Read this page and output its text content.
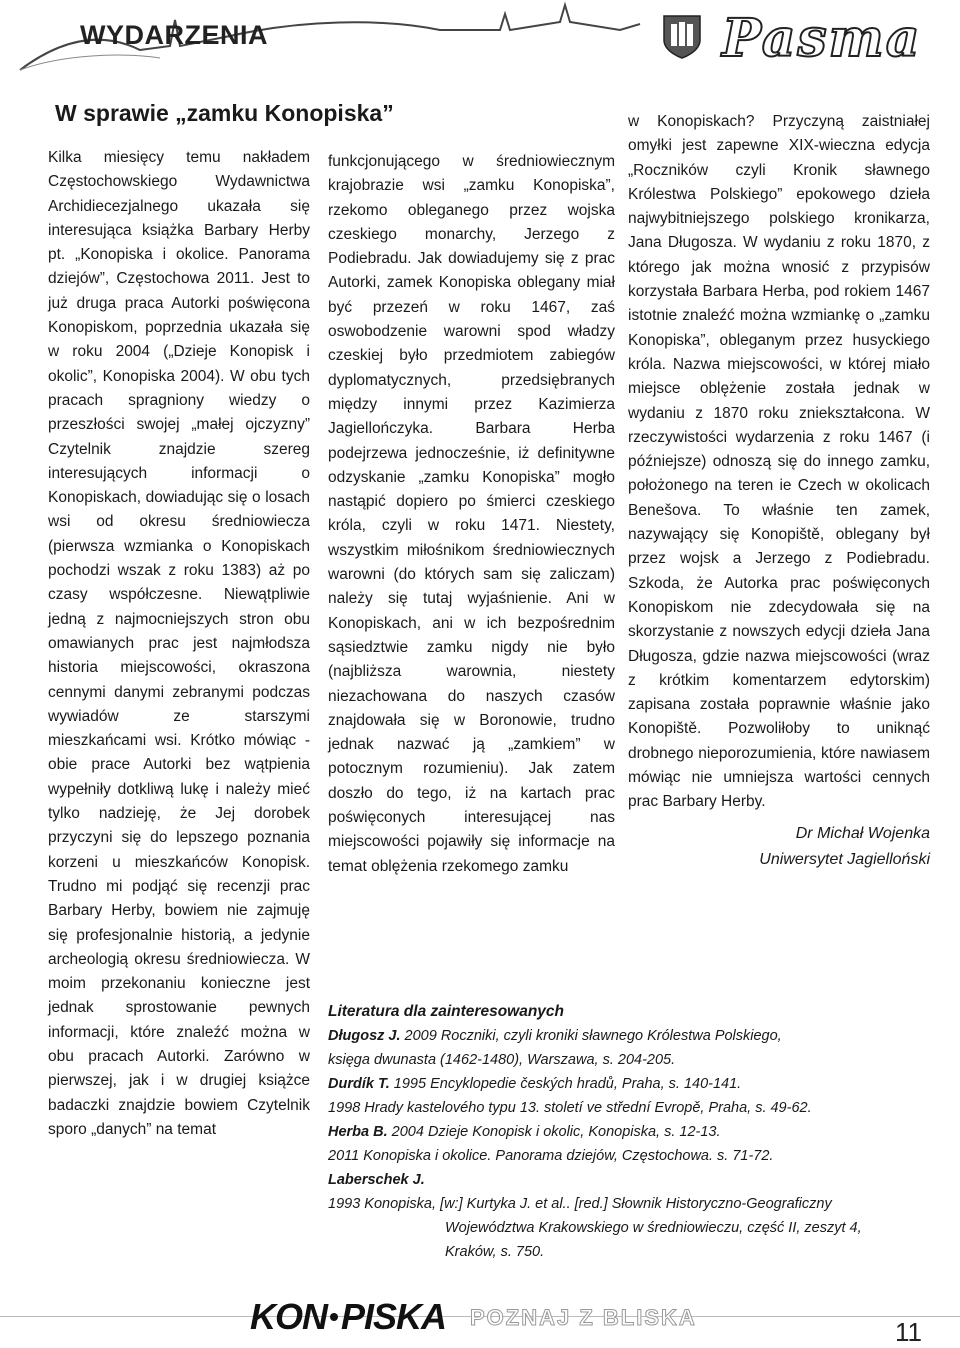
WYDARZENIA	Pasma
W sprawie „zamku Konopiska”

Kilka miesięcy temu nakładem Częstochowskiego Wydawnictwa Archidiecezjalnego ukazała się interesująca książka Barbary Herby pt. „Konopiska i okolice. Panorama dziejów”, Częstochowa 2011. Jest to już druga praca Autorki poświęcona Konopiskom, poprzednia ukazała się w roku 2004 („Dzieje Konopisk i okolic”, Konopiska 2004). W obu tych pracach spragniony wiedzy o przeszłości swojej „małej ojczyzny” Czytelnik znajdzie szereg interesujących informacji o Konopiskach, dowiadując się o losach wsi od okresu średniowiecza (pierwsza wzmianka o Konopiskach pochodzi wszak z roku 1383) aż po czasy współczesne. Niewątpliwie jedną z najmocniejszych stron obu omawianych prac jest najmłodsza historia miejscowości, okraszona cennymi danymi zebranymi podczas wywiadów ze starszymi mieszkańcami wsi. Krótko mówiąc - obie prace Autorki bez wątpienia wypełniły dotkliwą lukę i należy mieć tylko nadzieję, że Jej dorobek przyczyni się do lepszego poznania korzeni u mieszkańców Konopisk. Trudno mi podjąć się recenzji prac Barbary Herby, bowiem nie zajmuję się profesjonalnie historią, a jedynie archeologią okresu średniowiecza. W moim przekonaniu konieczne jest jednak sprostowanie pewnych informacji, które znaleźć można w obu pracach Autorki. Zarówno w pierwszej, jak i w drugiej książce badaczki znajdzie bowiem Czytelnik sporo „danych” na temat

funkcjonującego w średniowiecznym krajobrazie wsi „zamku Konopiska”, rzekomo obleganego przez wojska czeskiego monarchy, Jerzego z Podiebradu. Jak dowiadujemy się z prac Autorki, zamek Konopiska oblegany miał być przezeń w roku 1467, zaś oswobodzenie warowni spod władzy czeskiej było przedmiotem zabiegów dyplomatycznych, przedsiębranych między innymi przez Kazimierza Jagiellończyka. Barbara Herba podejrzewa jednocześnie, iż definitywne odzyskanie „zamku Konopiska” mogło nastąpić dopiero po śmierci czeskiego króla, czyli w roku 1471. Niestety, wszystkim miłośnikom średniowiecznych warowni (do których sam się zaliczam) należy się tutaj wyjaśnienie. Ani w Konopiskach, ani w ich bezpośrednim sąsiedztwie zamku nigdy nie było (najbliższa warownia, niestety niezachowana do naszych czasów znajdowała się w Boronowie, trudno jednak nazwać ją „zamkiem” w potocznym rozumieniu). Jak zatem doszło do tego, iż na kartach prac poświęconych interesującej nas miejscowości pojawiły się informacje na temat oblężenia rzekomego zamku

w Konopiskach? Przyczyną zaistniałej omyłki jest zapewne XIX-wieczna edycja „Roczników czyli Kronik sławnego Królestwa Polskiego” epokowego dzieła najwybitniejszego polskiego kronikarza, Jana Długosza. W wydaniu z roku 1870, z którego jak można wnosić z przypisów korzystała Barbara Herba, pod rokiem 1467 istotnie znaleźć można wzmiankę o „zamku Konopiska”, obleganym przez husyckiego króla. Nazwa miejscowości, w której miało miejsce oblężenie została jednak w wydaniu z 1870 roku zniekształcona. W rzeczywistości wydarzenia z roku 1467 (i późniejsze) odnoszą się do innego zamku, położonego na teren ie Czech w okolicach Benešova. To właśnie ten zamek, nazywający się Konopiště, oblegany był przez wojsk a Jerzego z Podiebradu. Szkoda, że Autorka prac poświęconych Konopiskom nie zdecydowała się na skorzystanie z nowszych edycji dzieła Jana Długosza, gdzie nazwa miejscowości (wraz z krótkim komentarzem edytorskim) zapisana została poprawnie właśnie jako Konopiště. Pozwoliłoby to uniknąć drobnego nieporozumienia, które nawiasem mówiąc nie umniejsza wartości cennych prac Barbary Herby.

Dr Michał Wojenka
Uniwersytet Jagielloński

Literatura dla zainteresowanych

Długosz J. 2009 Roczniki, czyli kroniki sławnego Królestwa Polskiego,

księga dwunasta (1462-1480), Warszawa, s. 204-205.

Durdík T. 1995 Encyklopedie českých hradů, Praha, s. 140-141.

1998 Hrady kastelového typu 13. století ve střední Evropě, Praha, s. 49-62.

Herba B. 2004 Dzieje Konopisk i okolic, Konopiska, s. 12-13.

2011 Konopiska i okolice. Panorama dziejów, Częstochowa. s. 71-72.

Laberschek J.

1993 Konopiska, [w:] Kurtyka J. et al.. [red.] Słownik Historyczno-Geograficzny

Województwa Krakowskiego w średniowieczu, część II, zeszyt 4,

Kraków, s. 750.

KON PISKA POZNAJ Z BLISKA	11
